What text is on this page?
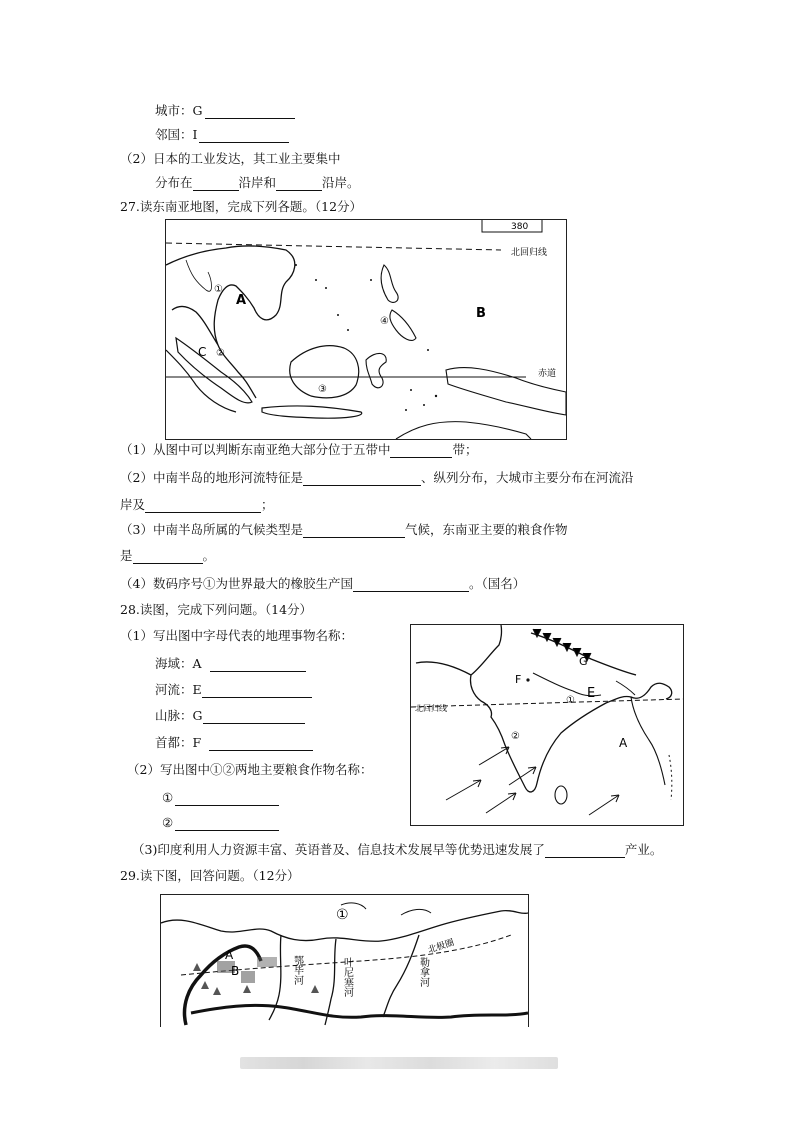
城市：G
邻国：I
（2）日本的工业发达，其工业主要集中
分布在	沿岸和	沿岸。
27.读东南亚地图，完成下列各题。（12分）
380
北回归线
赤道
①
A
B
C ②
③
④
（1）从图中可以判断东南亚绝大部分位于五带中	带；
（2）中南半岛的地形河流特征是	、纵列分布，大城市主要分布在河流沿
岸及	；
（3）中南半岛所属的气候类型是	气候，东南亚主要的粮食作物
是	。
（4）数码序号①为世界最大的橡胶生产国	。（国名）
28.读图，完成下列问题。（14分）
（1）写出图中字母代表的地理事物名称：
海域：A
河流：E
山脉：G
首都：F
（2）写出图中①②两地主要粮食作物名称：
①
②
北回归线
F
G
① E
②	A
（3)印度利用人力资源丰富、英语普及、信息技术发展早等优势迅速发展了	产业。
29.读下图，回答问题。（12分）
北极圈
①
A
B	鄂毕河	叶尼塞河	勒拿河
